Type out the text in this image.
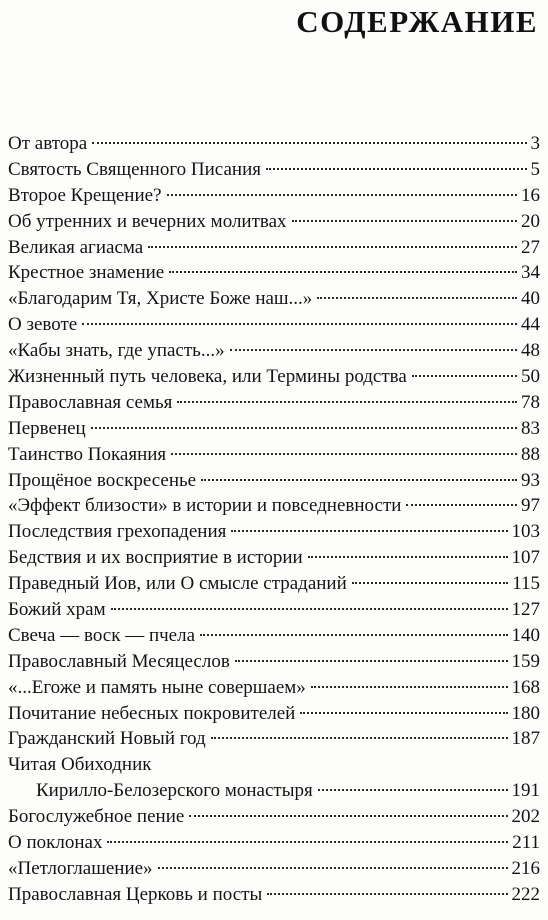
СОДЕРЖАНИЕ
От автора	3
Святость Священного Писания	5
Второе Крещение?	16
Об утренних и вечерних молитвах	20
Великая агиасма	27
Крестное знамение	34
«Благодарим Тя, Христе Боже наш...»	40
О зевоте	44
«Кабы знать, где упасть...»	48
Жизненный путь человека, или Термины родства	50
Православная семья	78
Первенец	83
Таинство Покаяния	88
Прощёное воскресенье	93
«Эффект близости» в истории и повседневности	97
Последствия грехопадения	103
Бедствия и их восприятие в истории	107
Праведный Иов, или О смысле страданий	115
Божий храм	127
Свеча — воск — пчела	140
Православный Месяцеслов	159
«...Егоже и память ныне совершаем»	168
Почитание небесных покровителей	180
Гражданский Новый год	187
Читая Обиходник
Кирилло-Белозерского монастыря	191
Богослужебное пение	202
О поклонах	211
«Петлоглашение»	216
Православная Церковь и посты	222
